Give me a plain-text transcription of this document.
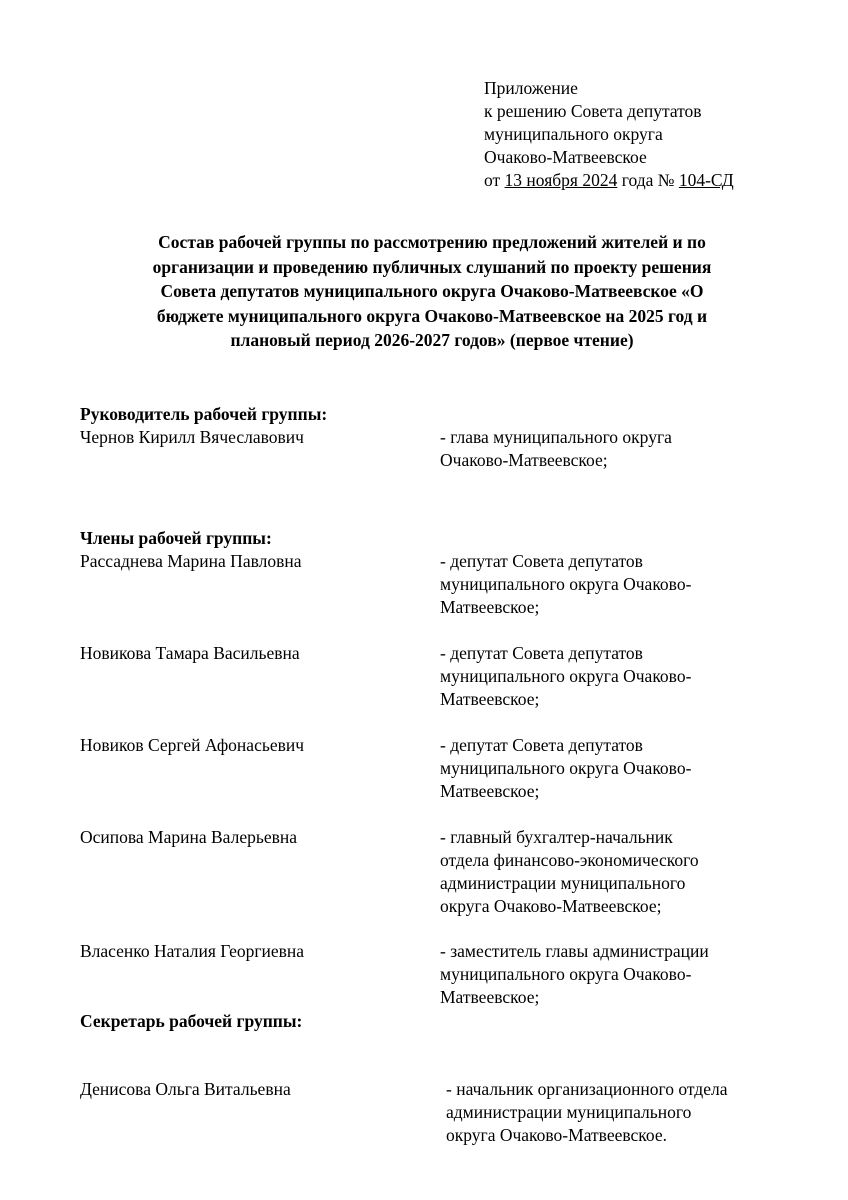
Приложение
к решению Совета депутатов
муниципального округа
Очаково-Матвеевское
от 13 ноября 2024 года № 104-СД
Состав рабочей группы по рассмотрению предложений жителей и по
организации и проведению публичных слушаний по проекту решения
Совета депутатов муниципального округа Очаково-Матвеевское «О
бюджете муниципального округа Очаково-Матвеевское на 2025 год и
плановый период 2026-2027 годов» (первое чтение)
Руководитель рабочей группы:
Чернов Кирилл Вячеславович	- глава муниципального округа
Очаково-Матвеевское;
Члены рабочей группы:
Рассаднева Марина Павловна	- депутат Совета депутатов
муниципального округа Очаково-
Матвеевское;
Новикова Тамара Васильевна	- депутат Совета депутатов
муниципального округа Очаково-
Матвеевское;
Новиков Сергей Афонасьевич	- депутат Совета депутатов
муниципального округа Очаково-
Матвеевское;
Осипова Марина Валерьевна	- главный бухгалтер-начальник
отдела финансово-экономического
администрации муниципального
округа Очаково-Матвеевское;
Власенко Наталия Георгиевна	- заместитель главы администрации
муниципального округа Очаково-
Матвеевское;
Секретарь рабочей группы:
Денисова Ольга Витальевна	- начальник организационного отдела
администрации муниципального
округа Очаково-Матвеевское.
